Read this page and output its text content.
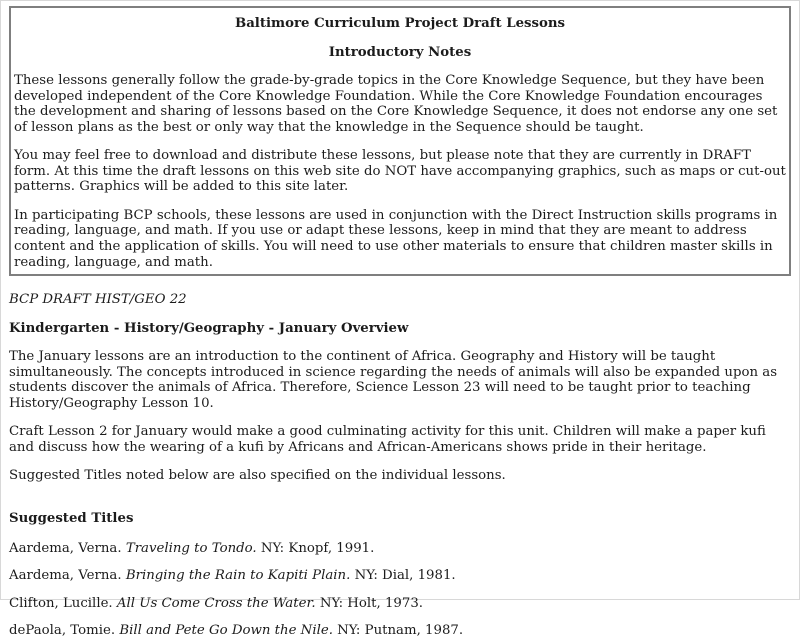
Baltimore Curriculum Project Draft Lessons

Introductory Notes

These lessons generally follow the grade-by-grade topics in the Core Knowledge Sequence, but they have been developed independent of the Core Knowledge Foundation. While the Core Knowledge Foundation encourages the development and sharing of lessons based on the Core Knowledge Sequence, it does not endorse any one set of lesson plans as the best or only way that the knowledge in the Sequence should be taught.

You may feel free to download and distribute these lessons, but please note that they are currently in DRAFT form. At this time the draft lessons on this web site do NOT have accompanying graphics, such as maps or cut-out patterns. Graphics will be added to this site later.

In participating BCP schools, these lessons are used in conjunction with the Direct Instruction skills programs in reading, language, and math. If you use or adapt these lessons, keep in mind that they are meant to address content and the application of skills. You will need to use other materials to ensure that children master skills in reading, language, and math.

BCP DRAFT HIST/GEO 22

Kindergarten - History/Geography - January Overview

The January lessons are an introduction to the continent of Africa. Geography and History will be taught simultaneously. The concepts introduced in science regarding the needs of animals will also be expanded upon as students discover the animals of Africa. Therefore, Science Lesson 23 will need to be taught prior to teaching History/Geography Lesson 10.

Craft Lesson 2 for January would make a good culminating activity for this unit. Children will make a paper kufi and discuss how the wearing of a kufi by Africans and African-Americans shows pride in their heritage.

Suggested Titles noted below are also specified on the individual lessons.

Suggested Titles

Aardema, Verna. Traveling to Tondo. NY: Knopf, 1991.

Aardema, Verna. Bringing the Rain to Kapiti Plain. NY: Dial, 1981.

Clifton, Lucille. All Us Come Cross the Water. NY: Holt, 1973.

dePaola, Tomie. Bill and Pete Go Down the Nile. NY: Putnam, 1987.
